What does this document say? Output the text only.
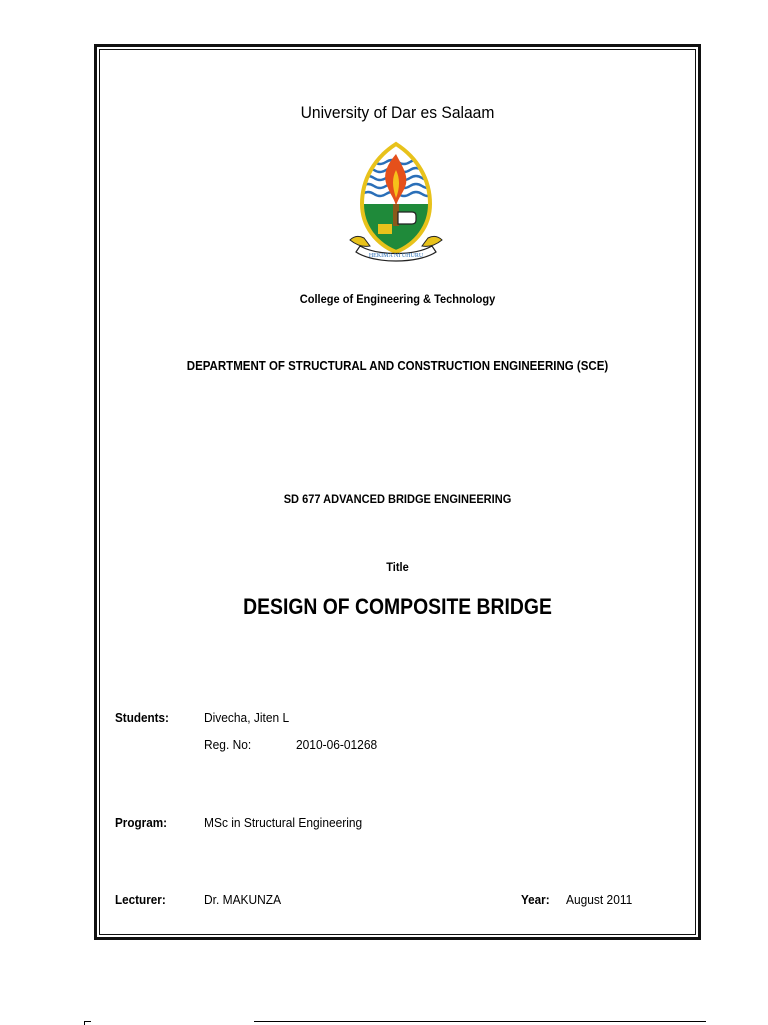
University of Dar es Salaam
HEKIMA NI UHURU
College of Engineering & Technology
DEPARTMENT OF STRUCTURAL AND CONSTRUCTION ENGINEERING (SCE)
SD 677 ADVANCED BRIDGE ENGINEERING
Title
DESIGN OF COMPOSITE BRIDGE
Students:	Divecha, Jiten L
Reg. No:	2010-06-01268
Program:	MSc in Structural Engineering
Lecturer:	Dr. MAKUNZA	Year: August 2011
